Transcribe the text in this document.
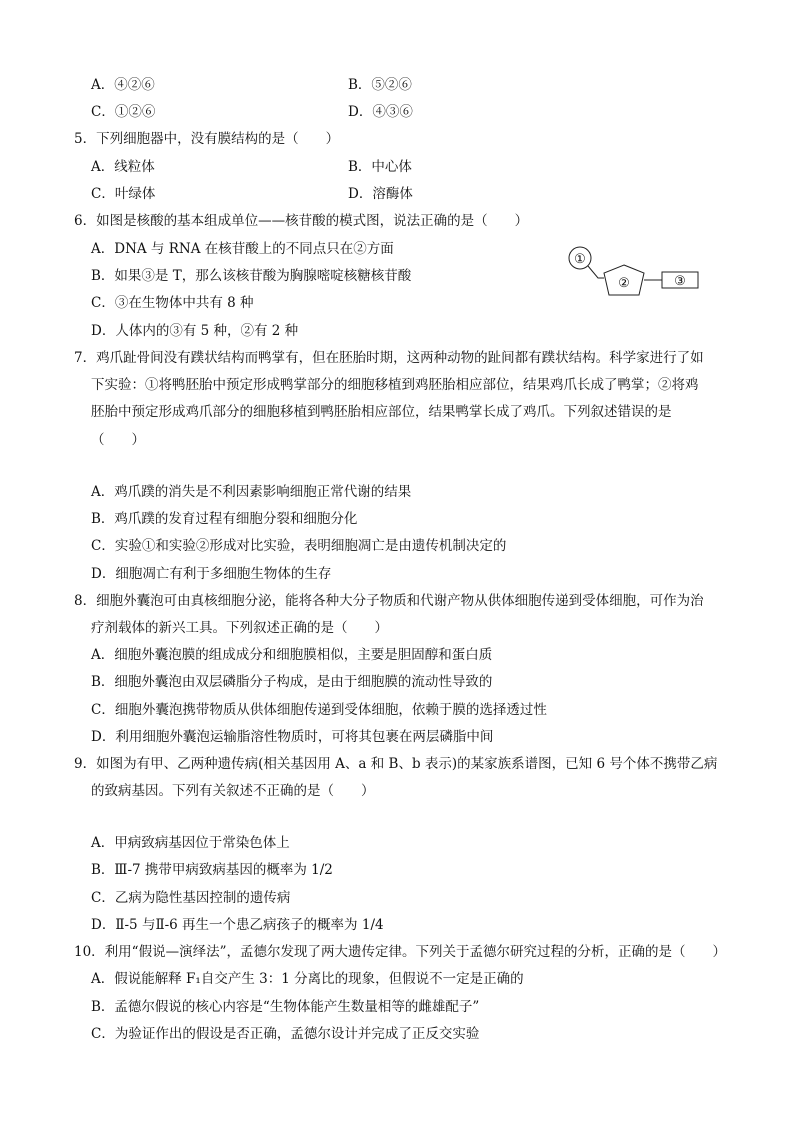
A．④②⑥	B．⑤②⑥
C．①②⑥	D．④③⑥
5．下列细胞器中，没有膜结构的是（　　）
A．线粒体	B．中心体
C．叶绿体	D．溶酶体
6．如图是核酸的基本组成单位——核苷酸的模式图，说法正确的是（　　）
A．DNA 与 RNA 在核苷酸上的不同点只在②方面
B．如果③是 T，那么该核苷酸为胸腺嘧啶核糖核苷酸
C．③在生物体中共有 8 种
D．人体内的③有 5 种，②有 2 种
①
②	③
7．鸡爪趾骨间没有蹼状结构而鸭掌有，但在胚胎时期，这两种动物的趾间都有蹼状结构。科学家进行了如
下实验：①将鸭胚胎中预定形成鸭掌部分的细胞移植到鸡胚胎相应部位，结果鸡爪长成了鸭掌；②将鸡
胚胎中预定形成鸡爪部分的细胞移植到鸭胚胎相应部位，结果鸭掌长成了鸡爪。下列叙述错误的是
（　　）
A．鸡爪蹼的消失是不利因素影响细胞正常代谢的结果
B．鸡爪蹼的发育过程有细胞分裂和细胞分化
C．实验①和实验②形成对比实验，表明细胞凋亡是由遗传机制决定的
D．细胞凋亡有利于多细胞生物体的生存
8．细胞外囊泡可由真核细胞分泌，能将各种大分子物质和代谢产物从供体细胞传递到受体细胞，可作为治
疗剂载体的新兴工具。下列叙述正确的是（　　）
A．细胞外囊泡膜的组成成分和细胞膜相似，主要是胆固醇和蛋白质
B．细胞外囊泡由双层磷脂分子构成，是由于细胞膜的流动性导致的
C．细胞外囊泡携带物质从供体细胞传递到受体细胞，依赖于膜的选择透过性
D．利用细胞外囊泡运输脂溶性物质时，可将其包裹在两层磷脂中间
9．如图为有甲、乙两种遗传病(相关基因用 A、a 和 B、b 表示)的某家族系谱图，已知 6 号个体不携带乙病
的致病基因。下列有关叙述不正确的是（　　）
A．甲病致病基因位于常染色体上
B．Ⅲ-7 携带甲病致病基因的概率为 1/2
C．乙病为隐性基因控制的遗传病
D．Ⅱ-5 与Ⅱ-6 再生一个患乙病孩子的概率为 1/4
10．利用“假说—演绎法”，孟德尔发现了两大遗传定律。下列关于孟德尔研究过程的分析，正确的是（　　）
A．假说能解释 F₁自交产生 3：1 分离比的现象，但假说不一定是正确的
B．孟德尔假说的核心内容是“生物体能产生数量相等的雌雄配子”
C．为验证作出的假设是否正确，孟德尔设计并完成了正反交实验
